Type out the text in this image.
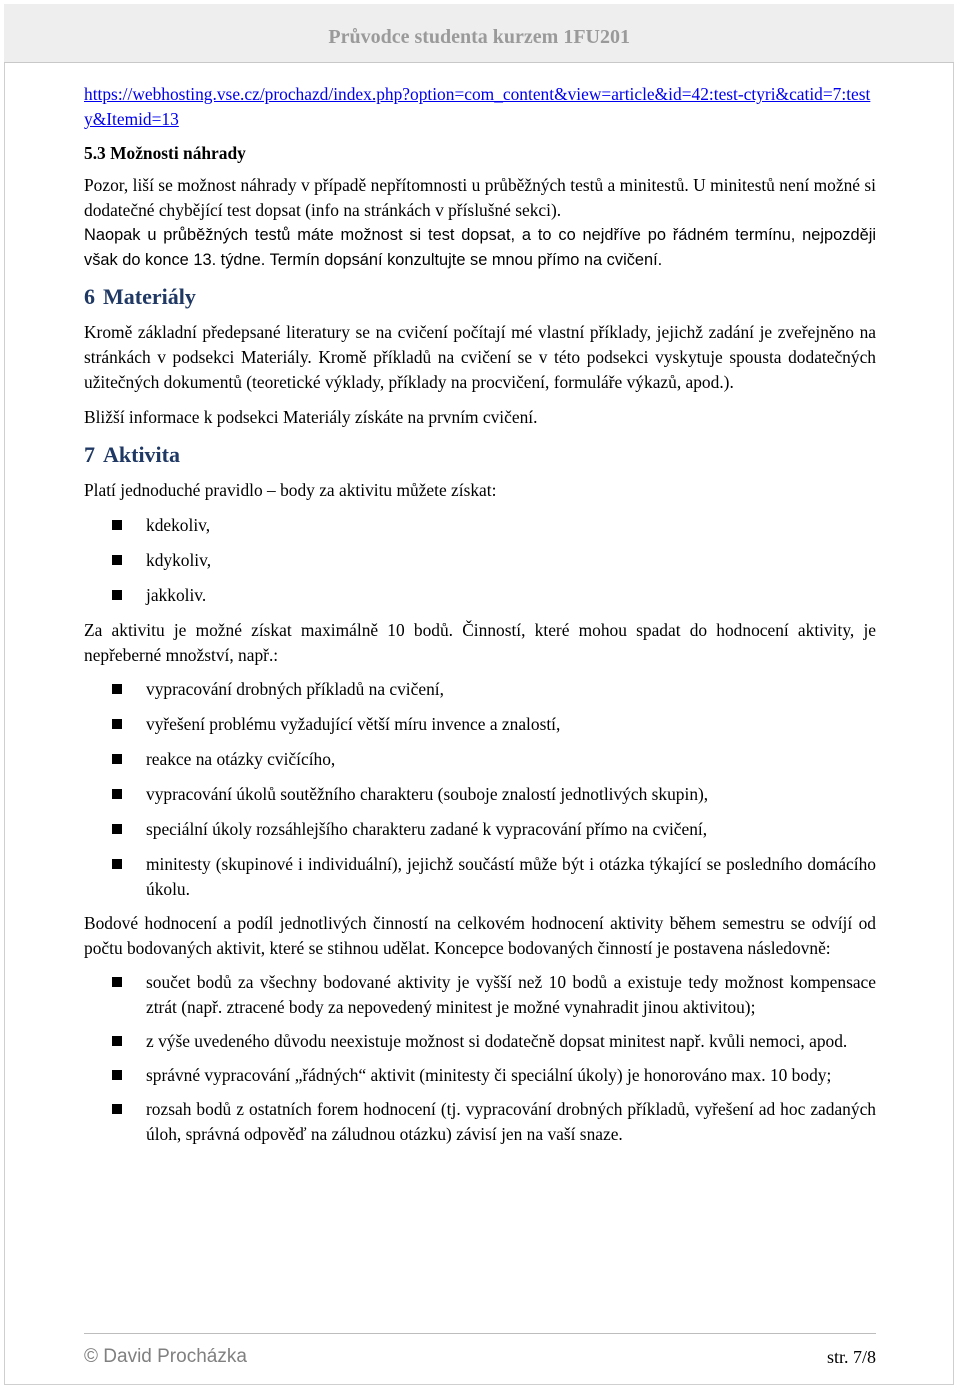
Průvodce studenta kurzem 1FU201
https://webhosting.vse.cz/prochazd/index.php?option=com_content&view=article&id=42:test-ctyri&catid=7:testy&Itemid=13
5.3 Možnosti náhrady

Pozor, liší se možnost náhrady v případě nepřítomnosti u průběžných testů a minitestů. U minitestů není možné si dodatečné chybějící test dopsat (info na stránkách v příslušné sekci).

Naopak u průběžných testů máte možnost si test dopsat, a to co nejdříve po řádném termínu, nejpozději však do konce 13. týdne. Termín dopsání konzultujte se mnou přímo na cvičení.

6 Materiály

Kromě základní předepsané literatury se na cvičení počítají mé vlastní příklady, jejichž zadání je zveřejněno na stránkách v podsekci Materiály. Kromě příkladů na cvičení se v této podsekci vyskytuje spousta dodatečných užitečných dokumentů (teoretické výklady, příklady na procvičení, formuláře výkazů, apod.).

Bližší informace k podsekci Materiály získáte na prvním cvičení.

7 Aktivita

Platí jednoduché pravidlo – body za aktivitu můžete získat:

kdekoliv,
kdykoliv,
jakkoliv.

Za aktivitu je možné získat maximálně 10 bodů. Činností, které mohou spadat do hodnocení aktivity, je nepřeberné množství, např.:

vypracování drobných příkladů na cvičení,
vyřešení problému vyžadující větší míru invence a znalostí,
reakce na otázky cvičícího,
vypracování úkolů soutěžního charakteru (souboje znalostí jednotlivých skupin),
speciální úkoly rozsáhlejšího charakteru zadané k vypracování přímo na cvičení,
minitesty (skupinové i individuální), jejichž součástí může být i otázka týkající se posledního domácího úkolu.

Bodové hodnocení a podíl jednotlivých činností na celkovém hodnocení aktivity během semestru se odvíjí od počtu bodovaných aktivit, které se stihnou udělat. Koncepce bodovaných činností je postavena následovně:

součet bodů za všechny bodované aktivity je vyšší než 10 bodů a existuje tedy možnost kompensace ztrát (např. ztracené body za nepovedený minitest je možné vynahradit jinou aktivitou);
z výše uvedeného důvodu neexistuje možnost si dodatečně dopsat minitest např. kvůli nemoci, apod.
správné vypracování „řádných“ aktivit (minitesty či speciální úkoly) je honorováno max. 10 body;
rozsah bodů z ostatních forem hodnocení (tj. vypracování drobných příkladů, vyřešení ad hoc zadaných úloh, správná odpověď na záludnou otázku) závisí jen na vaší snaze.
© David Procházka	str. 7/8
